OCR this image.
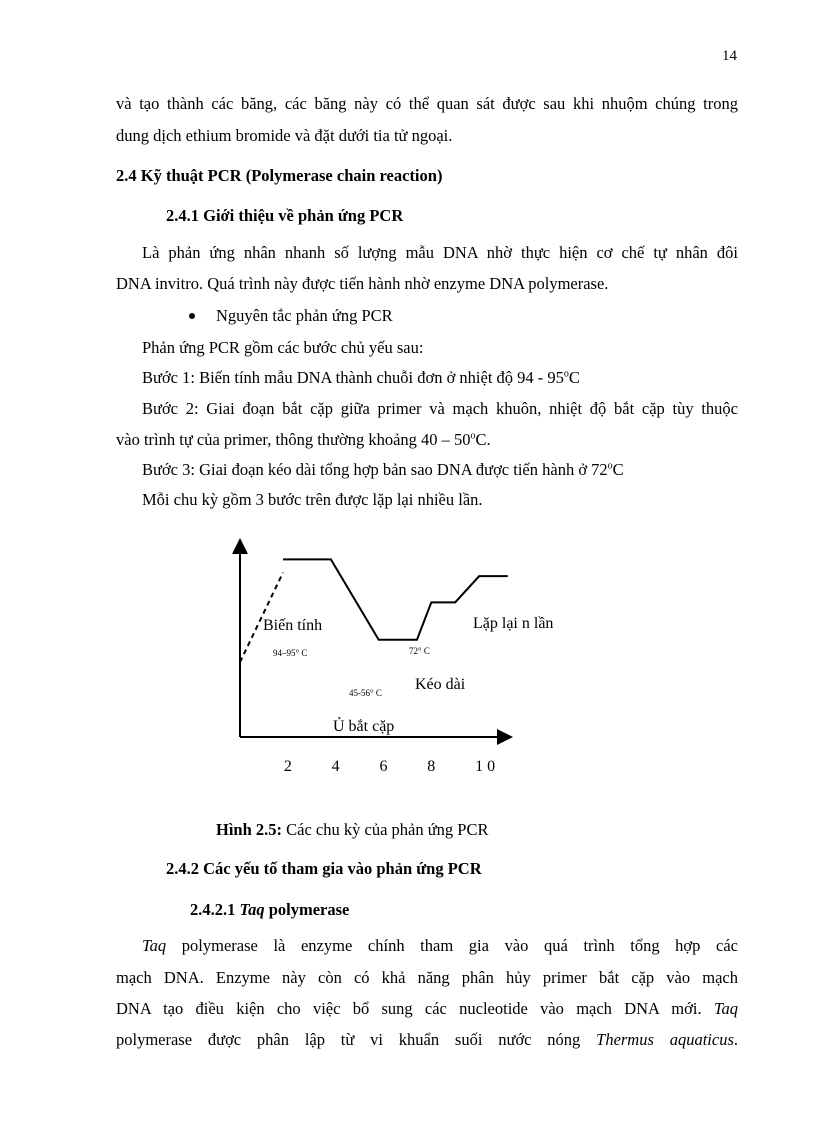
14
và tạo thành các băng, các băng này có thể quan sát được sau khi nhuộm chúng trong
dung dịch ethium bromide và đặt dưới tia tử ngoại.
2.4 Kỹ thuật PCR (Polymerase chain reaction)
2.4.1 Giới thiệu về phản ứng PCR
Là phản ứng nhân nhanh số lượng mẫu DNA nhờ thực hiện cơ chế tự nhân đôi
DNA invitro. Quá trình này được tiến hành nhờ enzyme DNA polymerase.
Nguyên tắc phản ứng PCR
Phản ứng PCR gồm các bước chủ yếu sau:
Bước 1: Biến tính mẫu DNA thành chuỗi đơn ở nhiệt độ 94 - 95$^o$C
Bước 2: Giai đoạn bắt cặp giữa primer và mạch khuôn, nhiệt độ bắt cặp tùy thuộc
vào trình tự của primer, thông thường khoảng 40 – 50$^o$C.
Bước 3: Giai đoạn kéo dài tổng hợp bản sao DNA được tiến hành ở 72$^o$C
Mỗi chu kỳ gồm 3 bước trên được lặp lại nhiều lần.
Biến tính	Lặp lại n lần
94–95° C	72° C
45-56° C Kéo dài
Ủ bắt cặp
2 4 6 8 1 0
Hình 2.5: Các chu kỳ của phản ứng PCR
2.4.2 Các yếu tố tham gia vào phản ứng PCR
2.4.2.1 Taq polymerase
Taq polymerase là enzyme chính tham gia vào quá trình tổng hợp các
mạch DNA. Enzyme này còn có khả năng phân hủy primer bắt cặp vào mạch
DNA tạo điều kiện cho việc bổ sung các nucleotide vào mạch DNA mới. Taq
polymerase được phân lập từ vi khuẩn suối nước nóng Thermus aquaticus.
